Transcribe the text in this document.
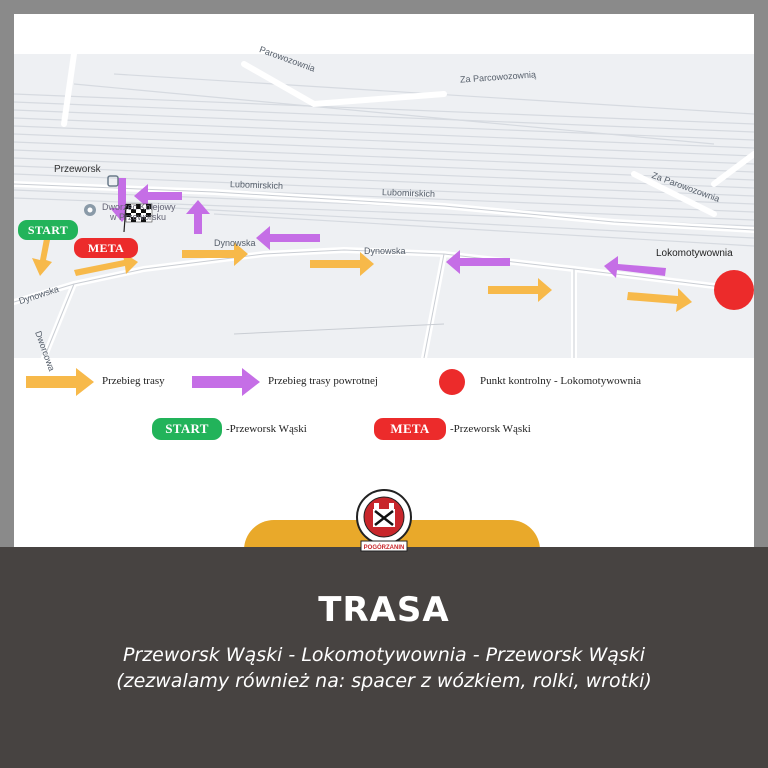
Parowozownia
Za Parcowozownią
Za Parowozownia
Lubomirskich
Lubomirskich
Dynowska
Dynowska
Dynowska
Dworcowa
Przeworsk
Dworzec Kolejowy
w Przeworsku
Lokomotywownia
START
META
Przebieg trasy	Przebieg trasy powrotnej	Punkt kontrolny - Lokomotywownia
START	-Przeworsk Wąski	META	-Przeworsk Wąski
POGÓRZANIN
TRASA
Przeworsk Wąski - Lokomotywownia - Przeworsk Wąski
(zezwalamy również na: spacer z wózkiem, rolki, wrotki)
